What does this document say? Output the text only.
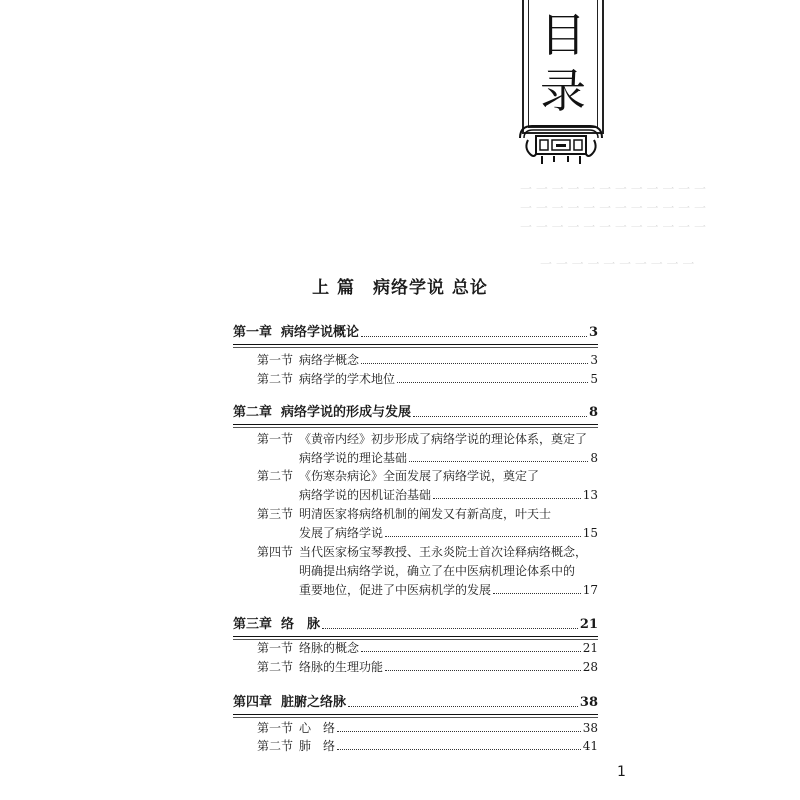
一 一 一 一 一 一 一 一 一 一 一 一
一 一 一 一 一 一 一 一 一 一 一 一
一 一 一 一 一 一 一 一 一 一 一 一
一 一 一 一 一 一 一 一 一 一
目
录
上 篇　病络学说 总论
第一章 病络学说概论	3
第一节 病络学概念	3
第二节 病络学的学术地位	5
第二章 病络学说的形成与发展	8
第一节 《黄帝内经》初步形成了病络学说的理论体系，奠定了
病络学说的理论基础	8
第二节 《伤寒杂病论》全面发展了病络学说，奠定了
病络学说的因机证治基础	13
第三节 明清医家将病络机制的阐发又有新高度，叶天士
发展了病络学说	15
第四节 当代医家杨宝琴教授、王永炎院士首次诠释病络概念，
明确提出病络学说，确立了在中医病机理论体系中的
重要地位，促进了中医病机学的发展	17
第三章 络　脉	21
第一节 络脉的概念	21
第二节 络脉的生理功能	28
第四章 脏腑之络脉	38
第一节 心　络	38
第二节 肺　络	41
1
